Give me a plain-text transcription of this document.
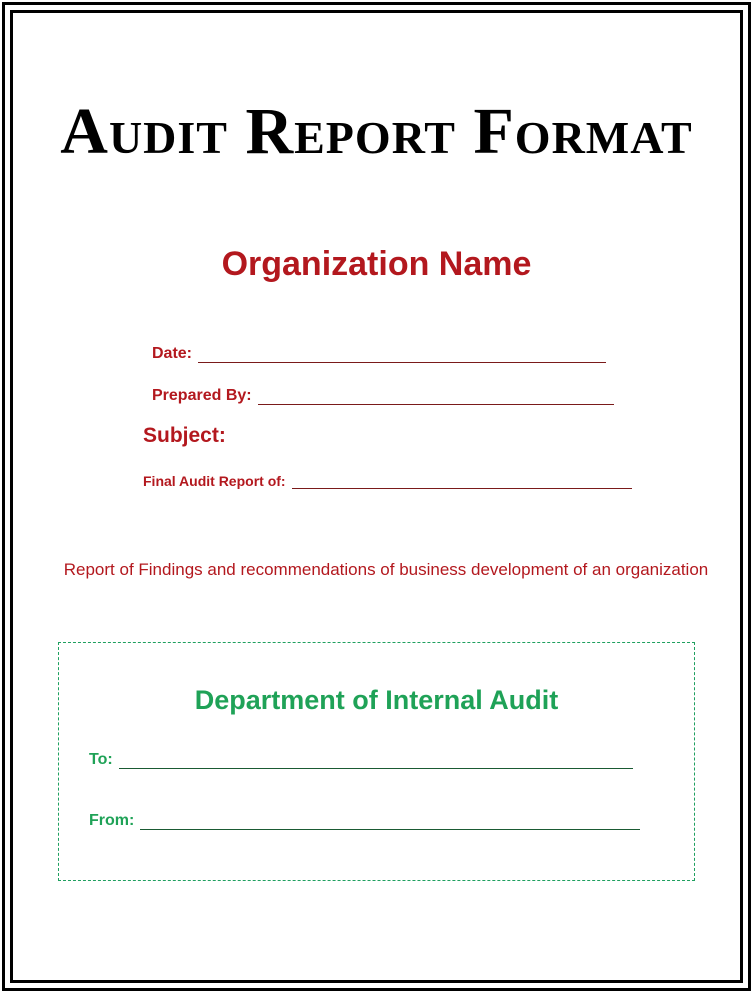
Audit Report Format
Organization Name
Date:
Prepared By:
Subject:
Final Audit Report of:
Report of Findings and recommendations of business development of an organization
Department of Internal Audit
To:
From:
